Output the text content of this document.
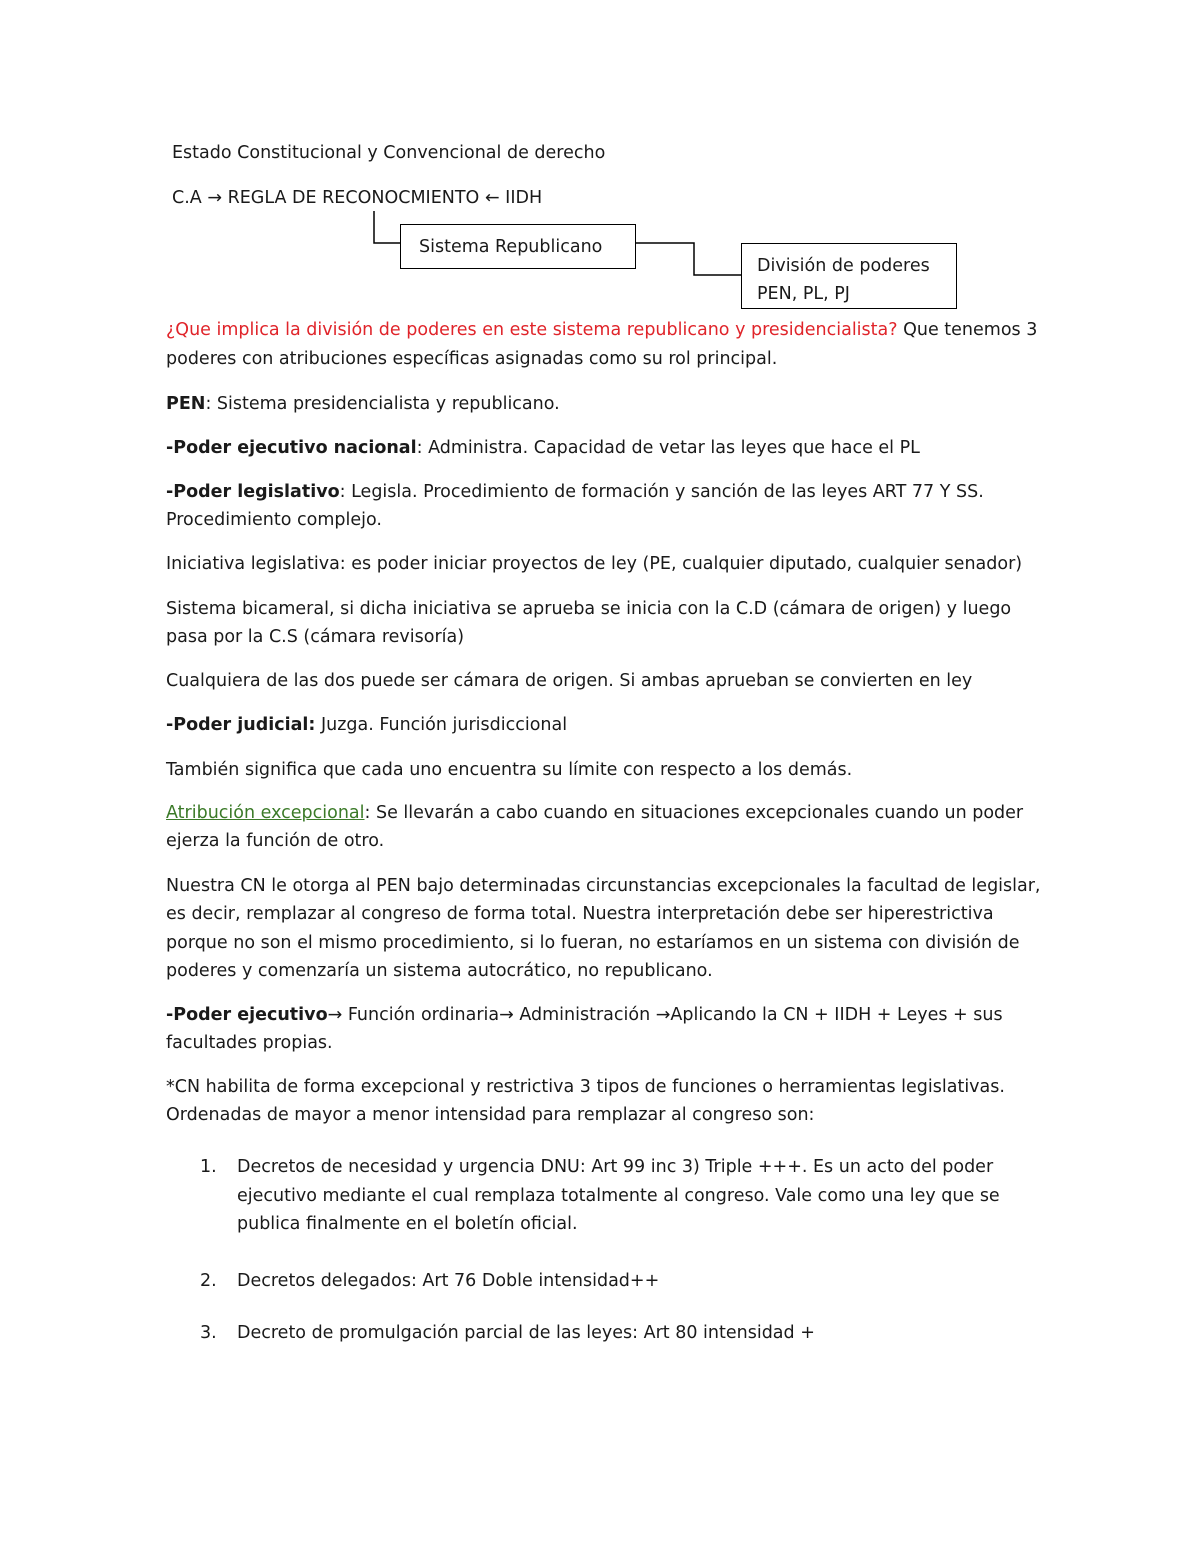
Estado Constitucional y Convencional de derecho
C.A → REGLA DE RECONOCMIENTO ← IIDH
Sistema Republicano
División de poderes
PEN, PL, PJ
¿Que implica la división de poderes en este sistema republicano y presidencialista? Que tenemos 3
poderes con atribuciones específicas asignadas como su rol principal.
PEN: Sistema presidencialista y republicano.
-Poder ejecutivo nacional: Administra. Capacidad de vetar las leyes que hace el PL
-Poder legislativo: Legisla. Procedimiento de formación y sanción de las leyes ART 77 Y SS.
Procedimiento complejo.
Iniciativa legislativa: es poder iniciar proyectos de ley (PE, cualquier diputado, cualquier senador)
Sistema bicameral, si dicha iniciativa se aprueba se inicia con la C.D (cámara de origen) y luego
pasa por la C.S (cámara revisoría)
Cualquiera de las dos puede ser cámara de origen. Si ambas aprueban se convierten en ley
-Poder judicial: Juzga. Función jurisdiccional
También significa que cada uno encuentra su límite con respecto a los demás.
Atribución excepcional: Se llevarán a cabo cuando en situaciones excepcionales cuando un poder
ejerza la función de otro.
Nuestra CN le otorga al PEN bajo determinadas circunstancias excepcionales la facultad de legislar,
es decir, remplazar al congreso de forma total. Nuestra interpretación debe ser hiperestrictiva
porque no son el mismo procedimiento, si lo fueran, no estaríamos en un sistema con división de
poderes y comenzaría un sistema autocrático, no republicano.
-Poder ejecutivo→ Función ordinaria→ Administración →Aplicando la CN + IIDH + Leyes + sus
facultades propias.
*CN habilita de forma excepcional y restrictiva 3 tipos de funciones o herramientas legislativas.
Ordenadas de mayor a menor intensidad para remplazar al congreso son:
1. Decretos de necesidad y urgencia DNU: Art 99 inc 3) Triple +++. Es un acto del poder
ejecutivo mediante el cual remplaza totalmente al congreso. Vale como una ley que se
publica finalmente en el boletín oficial.
2. Decretos delegados: Art 76 Doble intensidad++
3. Decreto de promulgación parcial de las leyes: Art 80 intensidad +
